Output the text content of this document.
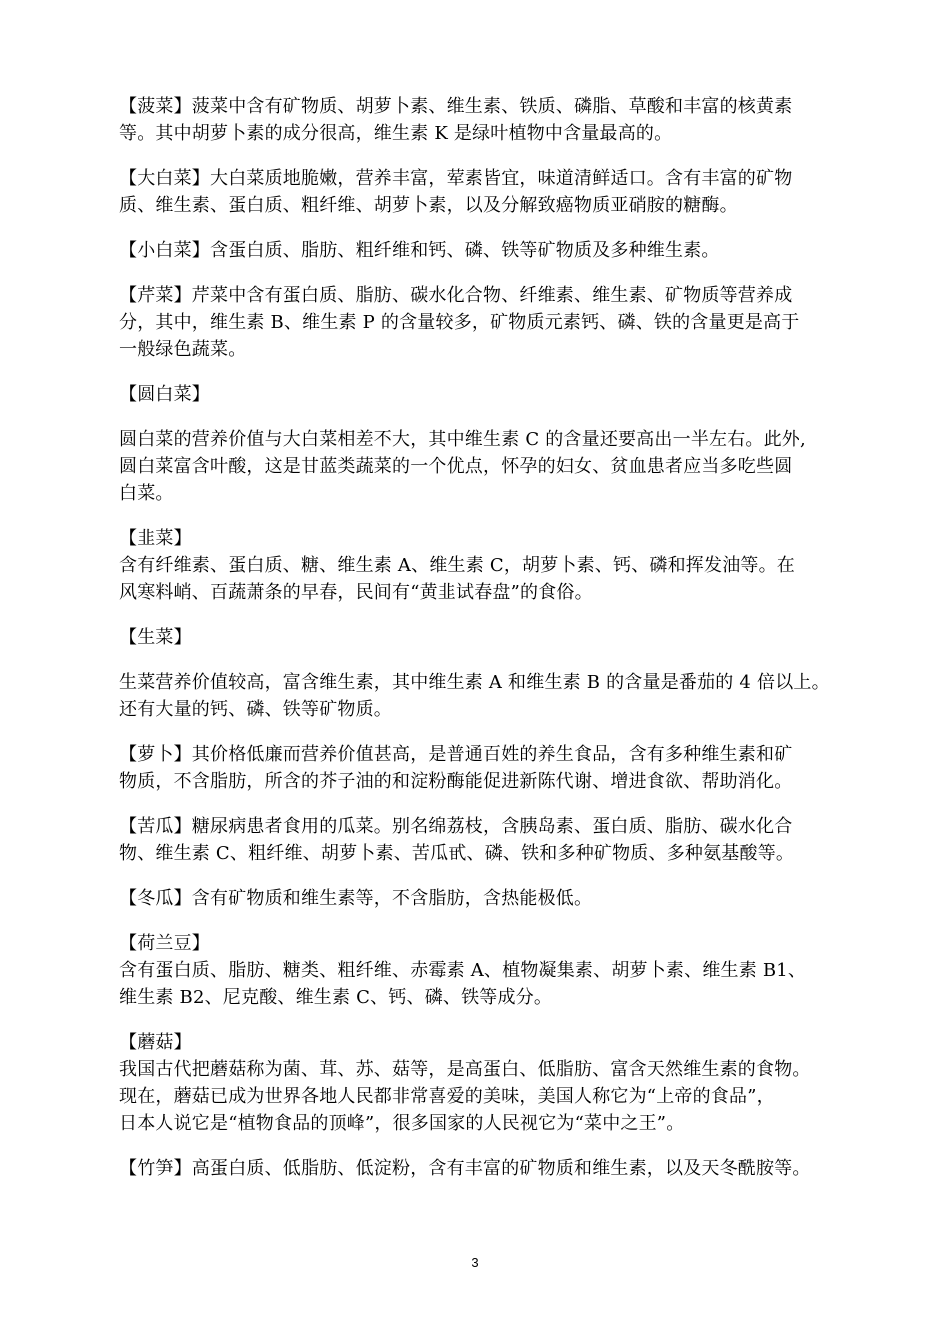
【菠菜】菠菜中含有矿物质、胡萝卜素、维生素、铁质、磷脂、草酸和丰富的核黄素
等。其中胡萝卜素的成分很高，维生素 K 是绿叶植物中含量最高的。
【大白菜】大白菜质地脆嫩，营养丰富，荤素皆宜，味道清鲜适口。含有丰富的矿物
质、维生素、蛋白质、粗纤维、胡萝卜素，以及分解致癌物质亚硝胺的糖酶。
【小白菜】含蛋白质、脂肪、粗纤维和钙、磷、铁等矿物质及多种维生素。
【芹菜】芹菜中含有蛋白质、脂肪、碳水化合物、纤维素、维生素、矿物质等营养成
分，其中，维生素 B、维生素 P 的含量较多，矿物质元素钙、磷、铁的含量更是高于
一般绿色蔬菜。
【圆白菜】
圆白菜的营养价值与大白菜相差不大，其中维生素 C 的含量还要高出一半左右。此外,
圆白菜富含叶酸，这是甘蓝类蔬菜的一个优点，怀孕的妇女、贫血患者应当多吃些圆
白菜。
【韭菜】
含有纤维素、蛋白质、糖、维生素 A、维生素 C，胡萝卜素、钙、磷和挥发油等。在
风寒料峭、百蔬萧条的早春，民间有“黄韭试春盘”的食俗。
【生菜】
生菜营养价值较高，富含维生素，其中维生素 A 和维生素 B 的含量是番茄的 4 倍以上。
还有大量的钙、磷、铁等矿物质。
【萝卜】其价格低廉而营养价值甚高，是普通百姓的养生食品，含有多种维生素和矿
物质，不含脂肪，所含的芥子油的和淀粉酶能促进新陈代谢、增进食欲、帮助消化。
【苦瓜】糖尿病患者食用的瓜菜。别名绵荔枝，含胰岛素、蛋白质、脂肪、碳水化合
物、维生素 C、粗纤维、胡萝卜素、苦瓜甙、磷、铁和多种矿物质、多种氨基酸等。
【冬瓜】含有矿物质和维生素等，不含脂肪，含热能极低。
【荷兰豆】
含有蛋白质、脂肪、糖类、粗纤维、赤霉素 A、植物凝集素、胡萝卜素、维生素 B1、
维生素 B2、尼克酸、维生素 C、钙、磷、铁等成分。
【蘑菇】
我国古代把蘑菇称为菌、茸、苏、菇等，是高蛋白、低脂肪、富含天然维生素的食物。
现在，蘑菇已成为世界各地人民都非常喜爱的美味，美国人称它为“上帝的食品”，
日本人说它是“植物食品的顶峰”，很多国家的人民视它为“菜中之王”。
【竹笋】高蛋白质、低脂肪、低淀粉，含有丰富的矿物质和维生素，以及天冬酰胺等。
3
